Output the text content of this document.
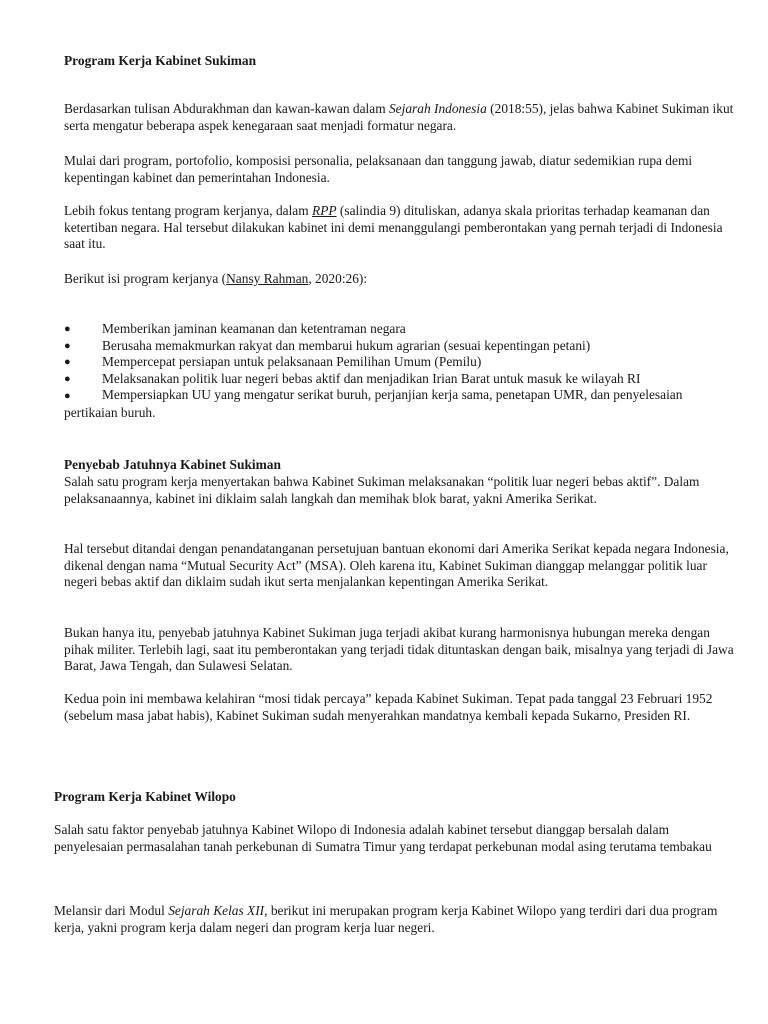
Program Kerja Kabinet Sukiman

Berdasarkan tulisan Abdurakhman dan kawan-kawan dalam Sejarah Indonesia (2018:55), jelas bahwa Kabinet Sukiman ikut serta mengatur beberapa aspek kenegaraan saat menjadi formatur negara.

Mulai dari program, portofolio, komposisi personalia, pelaksanaan dan tanggung jawab, diatur sedemikian rupa demi kepentingan kabinet dan pemerintahan Indonesia.

Lebih fokus tentang program kerjanya, dalam RPP (salindia 9) dituliskan, adanya skala prioritas terhadap keamanan dan ketertiban negara. Hal tersebut dilakukan kabinet ini demi menanggulangi pemberontakan yang pernah terjadi di Indonesia saat itu.

Berikut isi program kerjanya (Nansy Rahman, 2020:26):

● Memberikan jaminan keamanan dan ketentraman negara
● Berusaha memakmurkan rakyat dan membarui hukum agrarian (sesuai kepentingan petani)
● Mempercepat persiapan untuk pelaksanaan Pemilihan Umum (Pemilu)
● Melaksanakan politik luar negeri bebas aktif dan menjadikan Irian Barat untuk masuk ke wilayah RI
● Mempersiapkan UU yang mengatur serikat buruh, perjanjian kerja sama, penetapan UMR, dan penyelesaian pertikaian buruh.
Penyebab Jatuhnya Kabinet Sukiman

Salah satu program kerja menyertakan bahwa Kabinet Sukiman melaksanakan “politik luar negeri bebas aktif”. Dalam pelaksanaannya, kabinet ini diklaim salah langkah dan memihak blok barat, yakni Amerika Serikat.

Hal tersebut ditandai dengan penandatanganan persetujuan bantuan ekonomi dari Amerika Serikat kepada negara Indonesia, dikenal dengan nama “Mutual Security Act” (MSA). Oleh karena itu, Kabinet Sukiman dianggap melanggar politik luar negeri bebas aktif dan diklaim sudah ikut serta menjalankan kepentingan Amerika Serikat.

Bukan hanya itu, penyebab jatuhnya Kabinet Sukiman juga terjadi akibat kurang harmonisnya hubungan mereka dengan pihak militer. Terlebih lagi, saat itu pemberontakan yang terjadi tidak dituntaskan dengan baik, misalnya yang terjadi di Jawa Barat, Jawa Tengah, dan Sulawesi Selatan.

Kedua poin ini membawa kelahiran “mosi tidak percaya” kepada Kabinet Sukiman. Tepat pada tanggal 23 Februari 1952 (sebelum masa jabat habis), Kabinet Sukiman sudah menyerahkan mandatnya kembali kepada Sukarno, Presiden RI.

Program Kerja Kabinet Wilopo

Salah satu faktor penyebab jatuhnya Kabinet Wilopo di Indonesia adalah kabinet tersebut dianggap bersalah dalam penyelesaian permasalahan tanah perkebunan di Sumatra Timur yang terdapat perkebunan modal asing terutama tembakau

Melansir dari Modul Sejarah Kelas XII, berikut ini merupakan program kerja Kabinet Wilopo yang terdiri dari dua program kerja, yakni program kerja dalam negeri dan program kerja luar negeri.
